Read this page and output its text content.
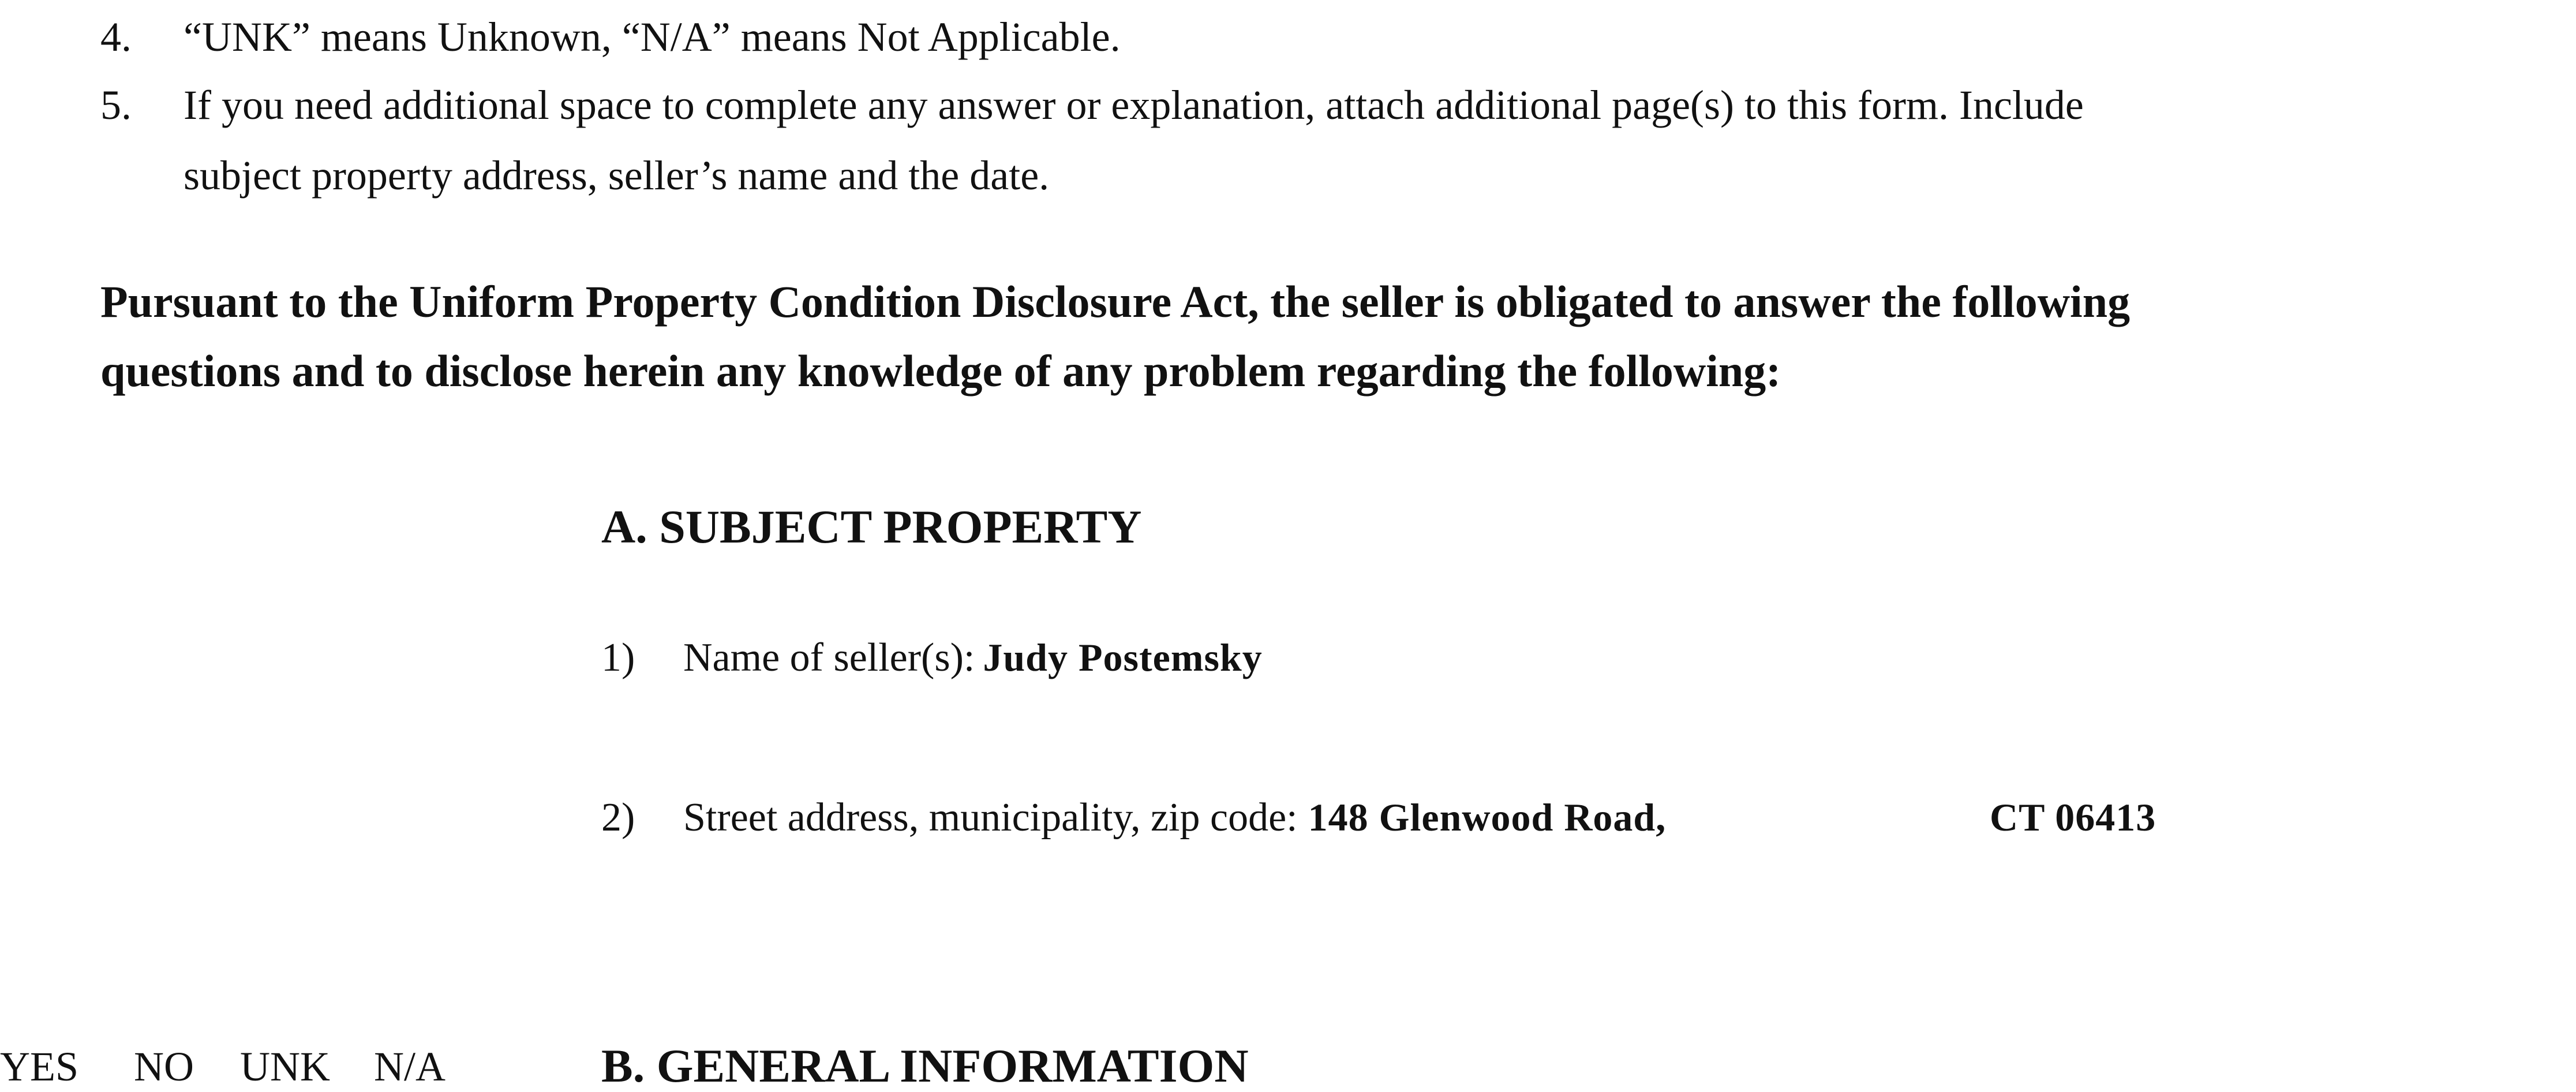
4. “UNK” means Unknown, “N/A” means Not Applicable.
5. If you need additional space to complete any answer or explanation, attach additional page(s) to this form. Include
subject property address, seller’s name and the date.
Pursuant to the Uniform Property Condition Disclosure Act, the seller is obligated to answer the following
questions and to disclose herein any knowledge of any problem regarding the following:
A. SUBJECT PROPERTY
1) Name of seller(s): Judy Postemsky
2) Street address, municipality, zip code: 148 Glenwood Road,	CT 06413
YES NO UNK N/A	B. GENERAL INFORMATION
